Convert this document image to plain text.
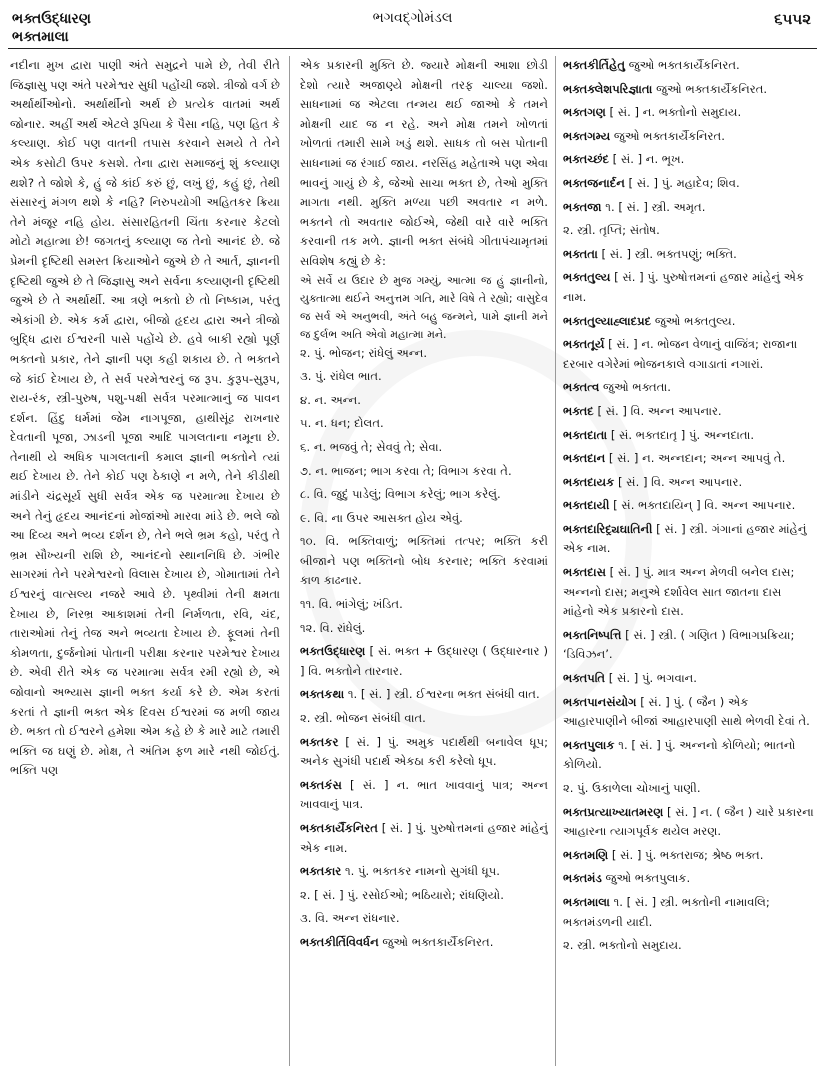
ભક્તઉદ્ધારણ
ભક્તમાલા
ભગવદ્ગોમંડલ	૬૫૫૨

નદીના મુખ દ્વારા પાણી અંતે સમુદ્રને પામે છે, તેવી રીતે જિજ્ઞાસુ પણ અંતે પરમેશ્વર સુધી પહોંચી જશે. ત્રીજો વર્ગ છે અર્થાર્થીઓનો. અર્થાર્થીનો અર્થ છે પ્રત્યેક વાતમાં અર્થ જોનાર. અહીં અર્થ એટલે રૂપિયા કે પૈસા નહિ, પણ હિત કે કલ્યાણ. કોઈ પણ વાતની તપાસ કરવાને સમયે તે તેને એક કસોટી ઉપર કસશે. તેના દ્વારા સમાજનું શું કલ્યાણ થશે? તે જોશે કે, હું જે કાંઈ કરું છું, લખું છું, કહું છું, તેથી સંસારનું મંગળ થશે કે નહિ? નિરુપયોગી અહિતકર ક્રિયા તેને મંજૂર નહિ હોય. સંસારહિતની ચિંતા કરનાર કેટલો મોટો મહાત્મા છે! જગતનું કલ્યાણ જ તેનો આનંદ છે. જે પ્રેમની દૃષ્ટિથી સમસ્ત ક્રિયાઓને જુએ છે તે આર્ત, જ્ઞાનની દૃષ્ટિથી જુએ છે તે જિજ્ઞાસુ અને સર્વના કલ્યાણની દૃષ્ટિથી જુએ છે તે અર્થાર્થી. આ ત્રણે ભક્તો છે તો નિષ્કામ, પરંતુ એકાંગી છે. એક કર્મ દ્વારા, બીજો હૃદય દ્વારા અને ત્રીજો બુદ્ધિ દ્વારા ઈશ્વરની પાસે પહોંચે છે. હવે બાકી રહ્યો પૂર્ણ ભક્તનો પ્રકાર, તેને જ્ઞાની પણ કહી શકાય છે. તે ભક્તને જે કાંઈ દેખાય છે, તે સર્વ પરમેશ્વરનું જ રૂપ. કુરૂપ-સુરૂપ, રાય-રંક, સ્ત્રી-પુરુષ, પશુ-પક્ષી સર્વત્ર પરમાત્માનું જ પાવન દર્શન. હિંદુ ધર્મમાં જેમ નાગપૂજા, હાથીસૂંઢ રાખનાર દેવતાની પૂજા, ઝાડની પૂજા આદિ પાગલતાના નમૂના છે. તેનાથી યે અધિક પાગલતાની કમાલ જ્ઞાની ભક્તોને ત્યાં થઈ દેખાય છે. તેને કોઈ પણ ઠેકાણે ન મળે, તેને કીડીથી માંડીને ચંદ્રસૂર્ય સુધી સર્વત્ર એક જ પરમાત્મા દેખાય છે અને તેનું હૃદય આનંદનાં મોજાંઓ મારવા માંડે છે. ભલે જો આ દિવ્ય અને ભવ્ય દર્શન છે, તેને ભલે ભ્રમ કહો, પરંતુ તે ભ્રમ સૌખ્યની રાશિ છે, આનંદનો સ્થાનનિધિ છે. ગંભીર સાગરમાં તેને પરમેશ્વરનો વિલાસ દેખાય છે, ગોમાતામાં તેને ઈશ્વરનું વાત્સલ્ય નજરે આવે છે. પૃથ્વીમાં તેની ક્ષમતા દેખાય છે, નિરભ્ર આકાશમાં તેની નિર્મળતા, રવિ, ચંદ, તારાઓમાં તેનું તેજ અને ભવ્યતા દેખાય છે. ફૂલમાં તેની કોમળતા, દુર્જનોમાં પોતાની પરીક્ષા કરનાર પરમેશ્વર દેખાય છે. એવી રીતે એક જ પરમાત્મા સર્વત્ર રમી રહ્યો છે, એ જોવાનો અભ્યાસ જ્ઞાની ભક્ત કર્યા કરે છે. એમ કરતાં કરતાં તે જ્ઞાની ભક્ત એક દિવસ ઈશ્વરમાં જ મળી જાય છે. ભક્ત તો ઈશ્વરને હમેશા એમ કહે છે કે મારે માટે તમારી ભક્તિ જ ઘણું છે. મોક્ષ, તે અંતિમ ફળ મારે નથી જોઈતું. ભક્તિ પણ

એક પ્રકારની મુક્તિ છે. જ્યારે મોક્ષની આશા છોડી દેશો ત્યારે અજાણ્યે મોક્ષની તરફ ચાલ્યા જશો. સાધનામાં જ એટલા તન્મય થઈ જાઓ કે તમને મોક્ષની યાદ જ ન રહે. અને મોક્ષ તમને ખોળતાં ખોળતાં તમારી સામે ખડું થશે. સાધક તો બસ પોતાની સાધનામાં જ રંગાઈ જાય. નરસિંહ મહેતાએ પણ એવા ભાવનું ગાયું છે કે, જેઓ સાચા ભક્ત છે, તેઓ મુક્તિ માગતા નથી. મુક્તિ મળ્યા પછી અવતાર ન મળે. ભક્તને તો અવતાર જોઈએ, જેથી વારે વારે ભક્તિ કરવાની તક મળે. જ્ઞાની ભક્ત સંબંધે ગીતાપંચામૃતમાં સવિશેષ કહ્યું છે કે:

એ સર્વે ય ઉદાર છે મુજ ગમ્યું, આત્મા જ હું જ્ઞાનીનો, યુક્તાત્મા થઈને અનુત્તમ ગતિ, મારે વિષે તે રહ્યો; વાસુદેવ જ સર્વ એ અનુભવી, અંતે બહુ જન્મને, પામે જ્ઞાની મને જ દુર્લભ અતિ એવો મહાત્મા મને.

૨. પું. ભોજન; રાંધેલું અન્ન.

૩. પું. રાંધેલ ભાત.

૪. ન. અન્ન.

૫. ન. ધન; દોલત.

૬. ન. ભજવું તે; સેવવું તે; સેવા.

૭. ન. ભાજન; ભાગ કરવા તે; વિભાગ કરવા તે.

૮. વિ. જુદું પાડેલું; વિભાગ કરેલું; ભાગ કરેલું.

૯. વિ. ના ઉપર આસક્ત હોય એવું.

૧૦. વિ. ભક્તિવાળું; ભક્તિમાં તત્પર; ભક્તિ કરી બીજાને પણ ભક્તિનો બોધ કરનાર; ભક્તિ કરવામાં કાળ કાઢનાર.

૧૧. વિ. ભાંગેલું; ખંડિત.

૧૨. વિ. રાંધેલું.

ભક્તઉદ્ધારણ [ સં. ભક્ત + ઉદ્ધારણ ( ઉદ્ધારનાર ) ] વિ. ભક્તોને તારનાર.

ભક્તકથા ૧. [ સં. ] સ્ત્રી. ઈશ્વરના ભક્ત સંબંધી વાત.

૨. સ્ત્રી. ભોજન સંબંધી વાત.

ભક્તકર [ સં. ] પું. અમુક પદાર્થથી બનાવેલ ધૂપ; અનેક સુગંધી પદાર્થ એકઠા કરી કરેલો ધૂપ.

ભક્તકંસ [ સં. ] ન. ભાત ખાવવાનું પાત્ર; અન્ન ખાવવાનું પાત્ર.

ભક્તકાર્યૈકનિરત [ સં. ] પું. પુરુષોત્તમનાં હજાર માંહેનું એક નામ.

ભક્તકાર ૧. પું. ભક્તકર નામનો સુગંધી ધૂપ.

૨. [ સં. ] પું. રસોઈઓ; ભઠિયારો; રાંધણિયો.

૩. વિ. અન્ન રાંધનાર.

ભક્તકીર્તિવિવર્ધન જુઓ ભક્તકાર્યૈકનિરત.

ભક્તકીર્તિહેતુ જુઓ ભક્તકાર્યૈકનિરત.

ભક્તક્લેશપરિજ્ઞાતા જુઓ ભક્તકાર્યૈકનિરત.

ભક્તગણ [ સં. ] ન. ભક્તોનો સમુદાય.

ભક્તગમ્ય જુઓ ભક્તકાર્યૈકનિરત.

ભક્તચ્છંદ [ સં. ] ન. ભૂખ.

ભક્તજનાર્દન [ સં. ] પું. મહાદેવ; શિવ.

ભક્તજા ૧. [ સં. ] સ્ત્રી. અમૃત.

૨. સ્ત્રી. તૃપ્તિ; સંતોષ.

ભક્તતા [ સં. ] સ્ત્રી. ભક્તપણું; ભક્તિ.

ભક્તતુલ્ય [ સં. ] પું. પુરુષોત્તમનાં હજાર માંહેનું એક નામ.

ભક્તતુલ્યાહ્લાદપ્રદ જુઓ ભક્તતુલ્ય.

ભક્તતૂર્ય [ સં. ] ન. ભોજન વેળાનું વાજિંત્ર; રાજાના દરબાર વગેરેમાં ભોજનકાલે વગાડાતાં નગારાં.

ભક્તત્વ જુઓ ભક્તતા.

ભક્તદ [ સં. ] વિ. અન્ન આપનાર.

ભક્તદાતા [ સં. ભક્તદાતૃ ] પું. અન્નદાતા.

ભક્તદાન [ સં. ] ન. અન્નદાન; અન્ન આપવું તે.

ભક્તદાયક [ સં. ] વિ. અન્ન આપનાર.

ભક્તદાયી [ સં. ભક્તદાયિન્ ] વિ. અન્ન આપનાર.

ભક્તદારિદ્ર્યઘાતિની [ સં. ] સ્ત્રી. ગંગાનાં હજાર માંહેનું એક નામ.

ભક્તદાસ [ સં. ] પું. માત્ર અન્ન મેળવી બનેલ દાસ; અન્નનો દાસ; મનુએ દર્શાવેલ સાત જાતના દાસ માંહેનો એક પ્રકારનો દાસ.

ભક્તનિષ્પત્તિ [ સં. ] સ્ત્રી. ( ગણિત ) વિભાગપ્રક્રિયા; ‘ડિવિઝન’.

ભક્તપતિ [ સં. ] પું. ભગવાન.

ભક્તપાનસંયોગ [ સં. ] પું. ( જૈન ) એક આહારપાણીને બીજાં આહારપાણી સાથે ભેળવી દેવાં તે.

ભક્તપુલાક ૧. [ સં. ] પું. અન્નનો કોળિયો; ભાતનો કોળિયો.

૨. પું. ઉકાળેલા ચોખાનું પાણી.

ભક્તપ્રત્યાખ્યાતમરણ [ સં. ] ન. ( જૈન ) ચારે પ્રકારના આહારના ત્યાગપૂર્વક થયેલ મરણ.

ભક્તમણિ [ સં. ] પું. ભક્તરાજ; શ્રેષ્ઠ ભક્ત.

ભક્તમંડ જુઓ ભક્તપુલાક.

ભક્તમાલા ૧. [ સં. ] સ્ત્રી. ભક્તોની નામાવલિ; ભક્તમંડળની યાદી.

૨. સ્ત્રી. ભક્તોનો સમુદાય.
